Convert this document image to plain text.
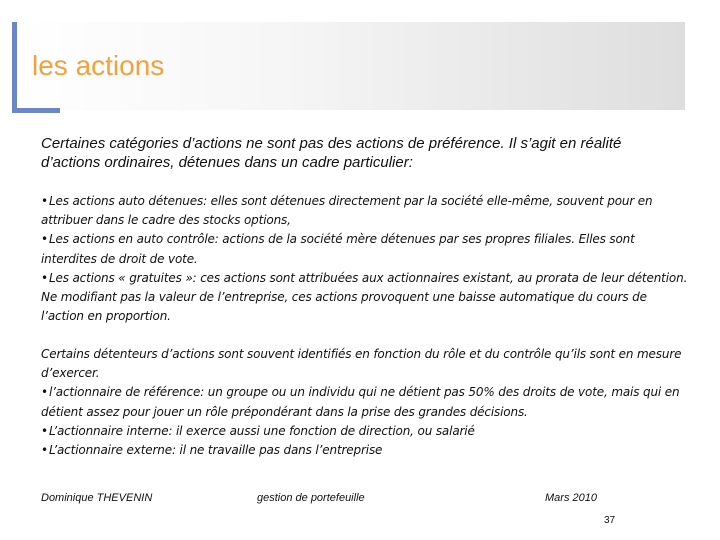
les actions

Certaines catégories d’actions ne sont pas des actions de préférence. Il s’agit en réalité d’actions ordinaires, détenues dans un cadre particulier:

•Les actions auto détenues: elles sont détenues directement par la société elle-même, souvent pour en attribuer dans le cadre des stocks options,

•Les actions en auto contrôle: actions de la société mère détenues par ses propres filiales. Elles sont interdites de droit de vote.

•Les actions « gratuites »: ces actions sont attribuées aux actionnaires existant, au prorata de leur détention. Ne modifiant pas la valeur de l’entreprise, ces actions provoquent une baisse automatique du cours de l’action en proportion.

Certains détenteurs d’actions sont souvent identifiés en fonction du rôle et du contrôle qu’ils sont en mesure d’exercer.

•l’actionnaire de référence: un groupe ou un individu qui ne détient pas 50% des droits de vote, mais qui en détient assez pour jouer un rôle prépondérant dans la prise des grandes décisions.

•L’actionnaire interne: il exerce aussi une fonction de direction, ou salarié

•L’actionnaire externe: il ne travaille pas dans l’entreprise

Dominique THEVENIN	gestion de portefeuille	Mars 2010
37
